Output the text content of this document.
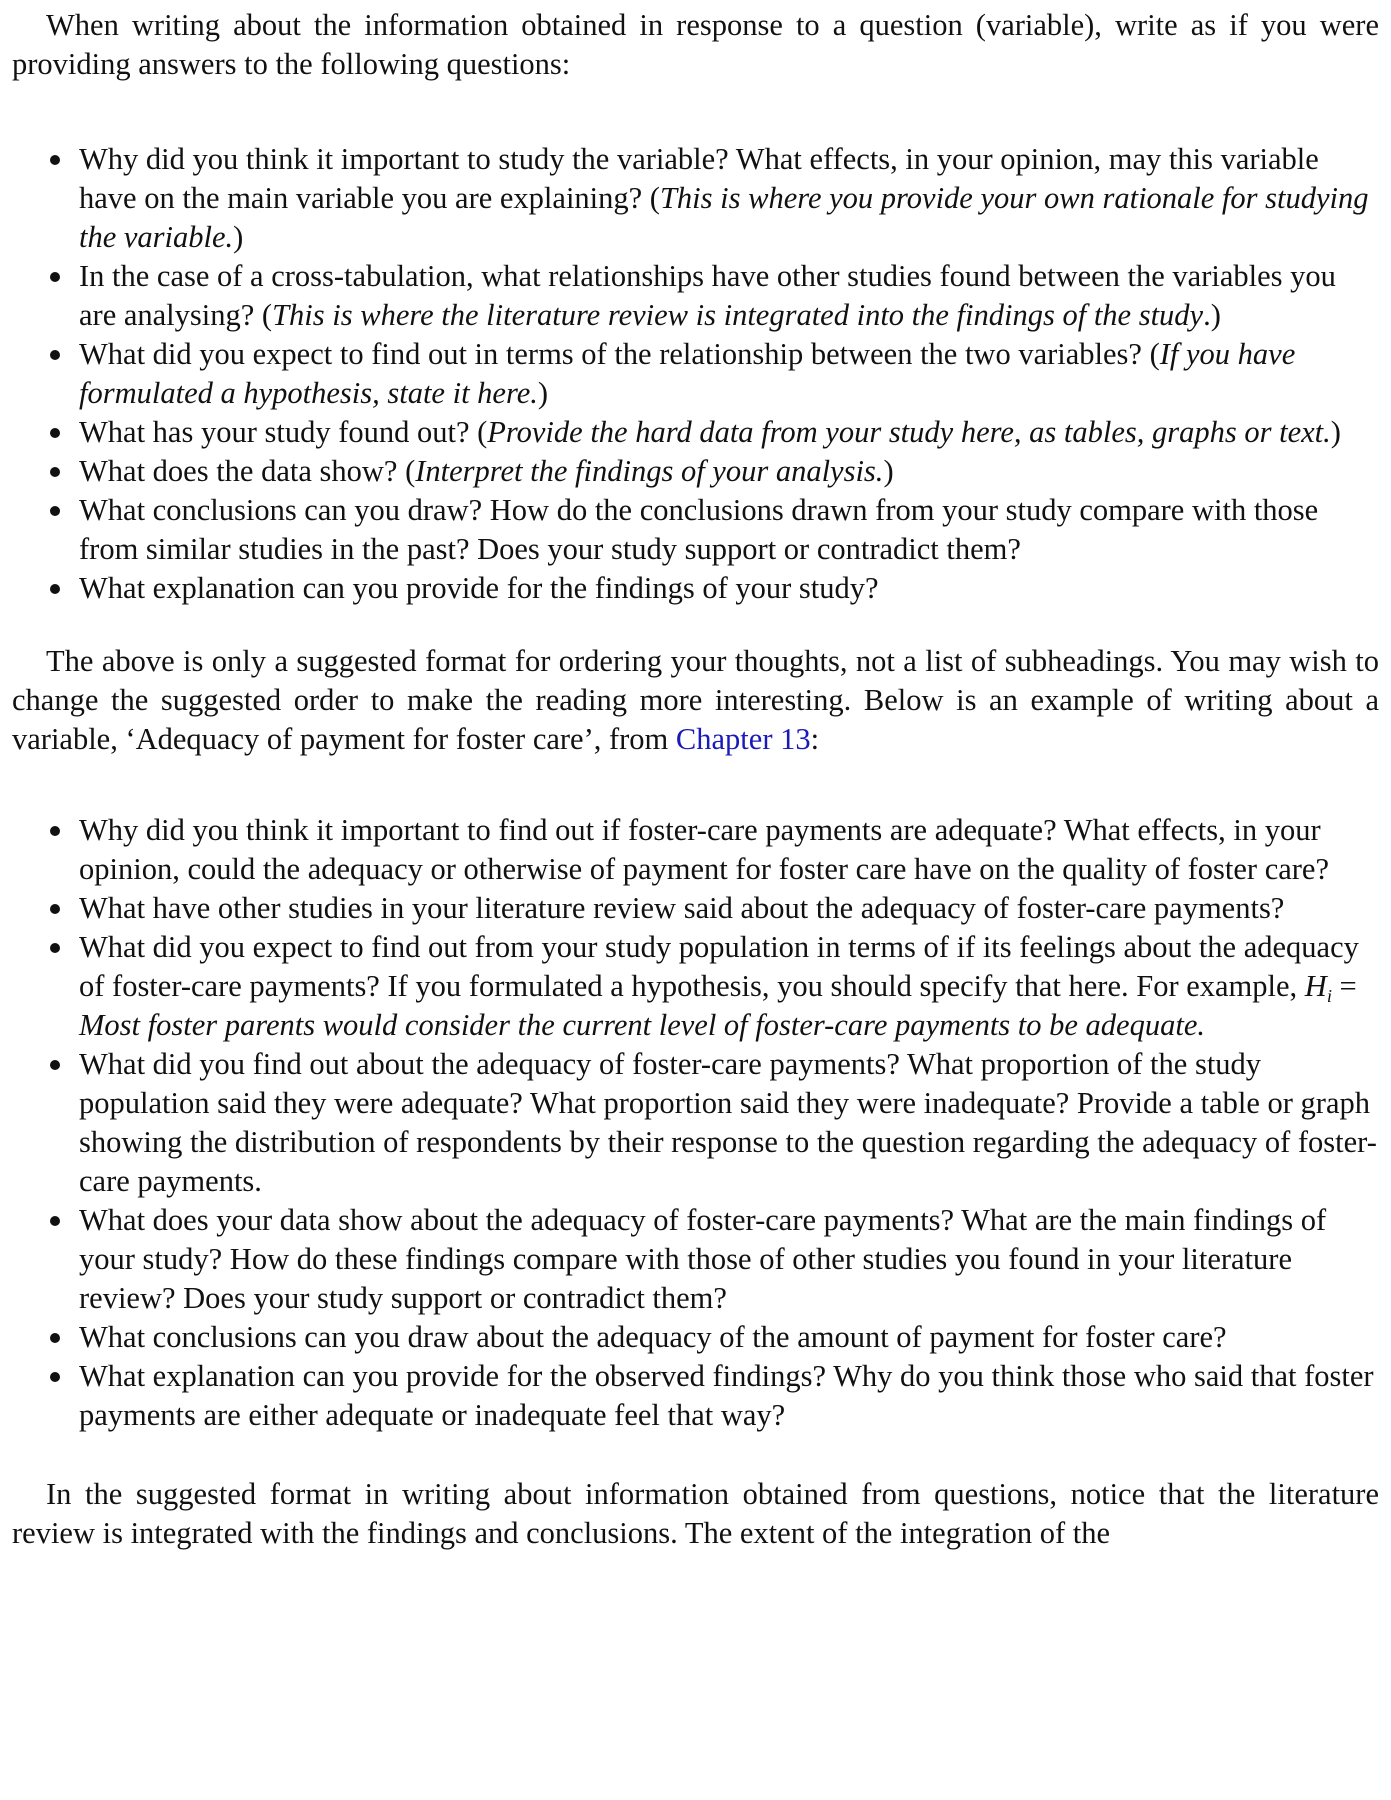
When writing about the information obtained in response to a question (variable), write as if you were providing answers to the following questions:

Why did you think it important to study the variable? What effects, in your opinion, may this variable have on the main variable you are explaining? (This is where you provide your own rationale for studying the variable.)
In the case of a cross-tabulation, what relationships have other studies found between the variables you are analysing? (This is where the literature review is integrated into the findings of the study.)
What did you expect to find out in terms of the relationship between the two variables? (If you have formulated a hypothesis, state it here.)
What has your study found out? (Provide the hard data from your study here, as tables, graphs or text.)
What does the data show? (Interpret the findings of your analysis.)
What conclusions can you draw? How do the conclusions drawn from your study compare with those from similar studies in the past? Does your study support or contradict them?
What explanation can you provide for the findings of your study?

The above is only a suggested format for ordering your thoughts, not a list of subheadings. You may wish to change the suggested order to make the reading more interesting. Below is an example of writing about a variable, ‘Adequacy of payment for foster care’, from Chapter 13:

Why did you think it important to find out if foster-care payments are adequate? What effects, in your opinion, could the adequacy or otherwise of payment for foster care have on the quality of foster care?
What have other studies in your literature review said about the adequacy of foster-care payments?
What did you expect to find out from your study population in terms of if its feelings about the adequacy of foster-care payments? If you formulated a hypothesis, you should specify that here. For example, $H_i$ = Most foster parents would consider the current level of foster-care payments to be adequate.
What did you find out about the adequacy of foster-care payments? What proportion of the study population said they were adequate? What proportion said they were inadequate? Provide a table or graph showing the distribution of respondents by their response to the question regarding the adequacy of foster-care payments.
What does your data show about the adequacy of foster-care payments? What are the main findings of your study? How do these findings compare with those of other studies you found in your literature review? Does your study support or contradict them?
What conclusions can you draw about the adequacy of the amount of payment for foster care?
What explanation can you provide for the observed findings? Why do you think those who said that foster payments are either adequate or inadequate feel that way?

In the suggested format in writing about information obtained from questions, notice that the literature review is integrated with the findings and conclusions. The extent of the integration of the
